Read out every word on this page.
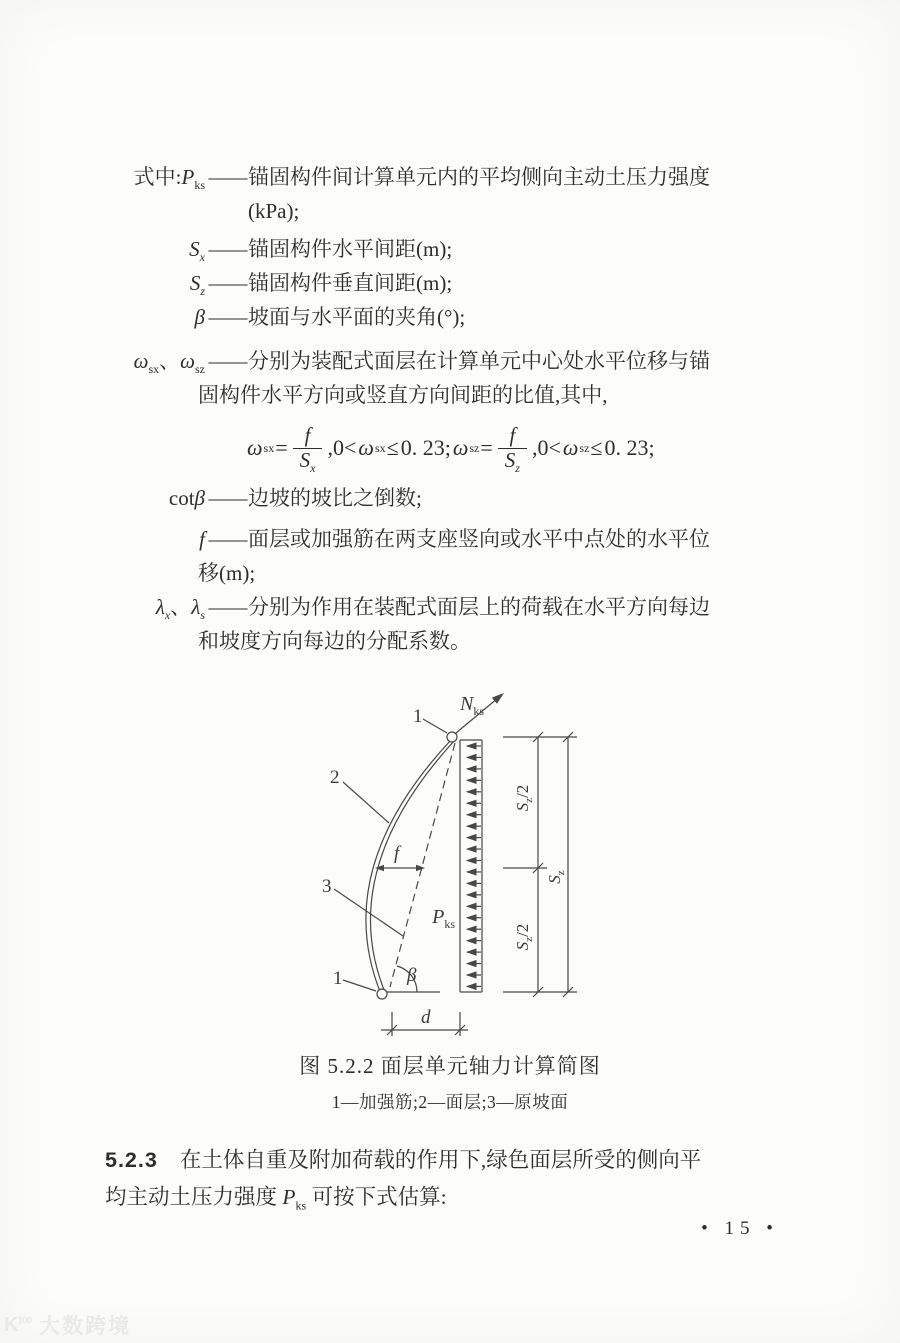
式中$:P_{ks}$ —— 锚固构件间计算单元内的平均侧向主动土压力强度
(kPa);
$S_x$ —— 锚固构件水平间距(m);
$S_z$ —— 锚固构件垂直间距(m);
β —— 坡面与水平面的夹角(°);
$\omega_{sx}$、$\omega_{sz}$ —— 分别为装配式面层在计算单元中心处水平位移与锚
固构件水平方向或竖直方向间距的比值,其中,
ω sx = $\frac{f}{S_x} ,0< \omega$ sx ≤ 0. 23; ω sz = $\frac{f}{S_z} ,0< \omega$ sz ≤ 0. 23;
cotβ —— 边坡的坡比之倒数;
f —— 面层或加强筋在两支座竖向或水平中点处的水平位
移(m);
$\lambda_x$、$\lambda_s$ —— 分别为作用在装配式面层上的荷载在水平方向每边
和坡度方向每边的分配系数。
$N_{ks}$
1
2
3
1
f
$P_{ks}$
β
d
$S_z/2$
$S_z$
$S_z/2$
图 5.2.2 面层单元轴力计算简图
1—加强筋;2—面层;3—原坡面
5.2.3 在土体自重及附加荷载的作用下,绿色面层所受的侧向平
均主动土压力强度 $P_{ks}$ 可按下式估算:
• 15 •
$K^{100}$ 大数跨境
